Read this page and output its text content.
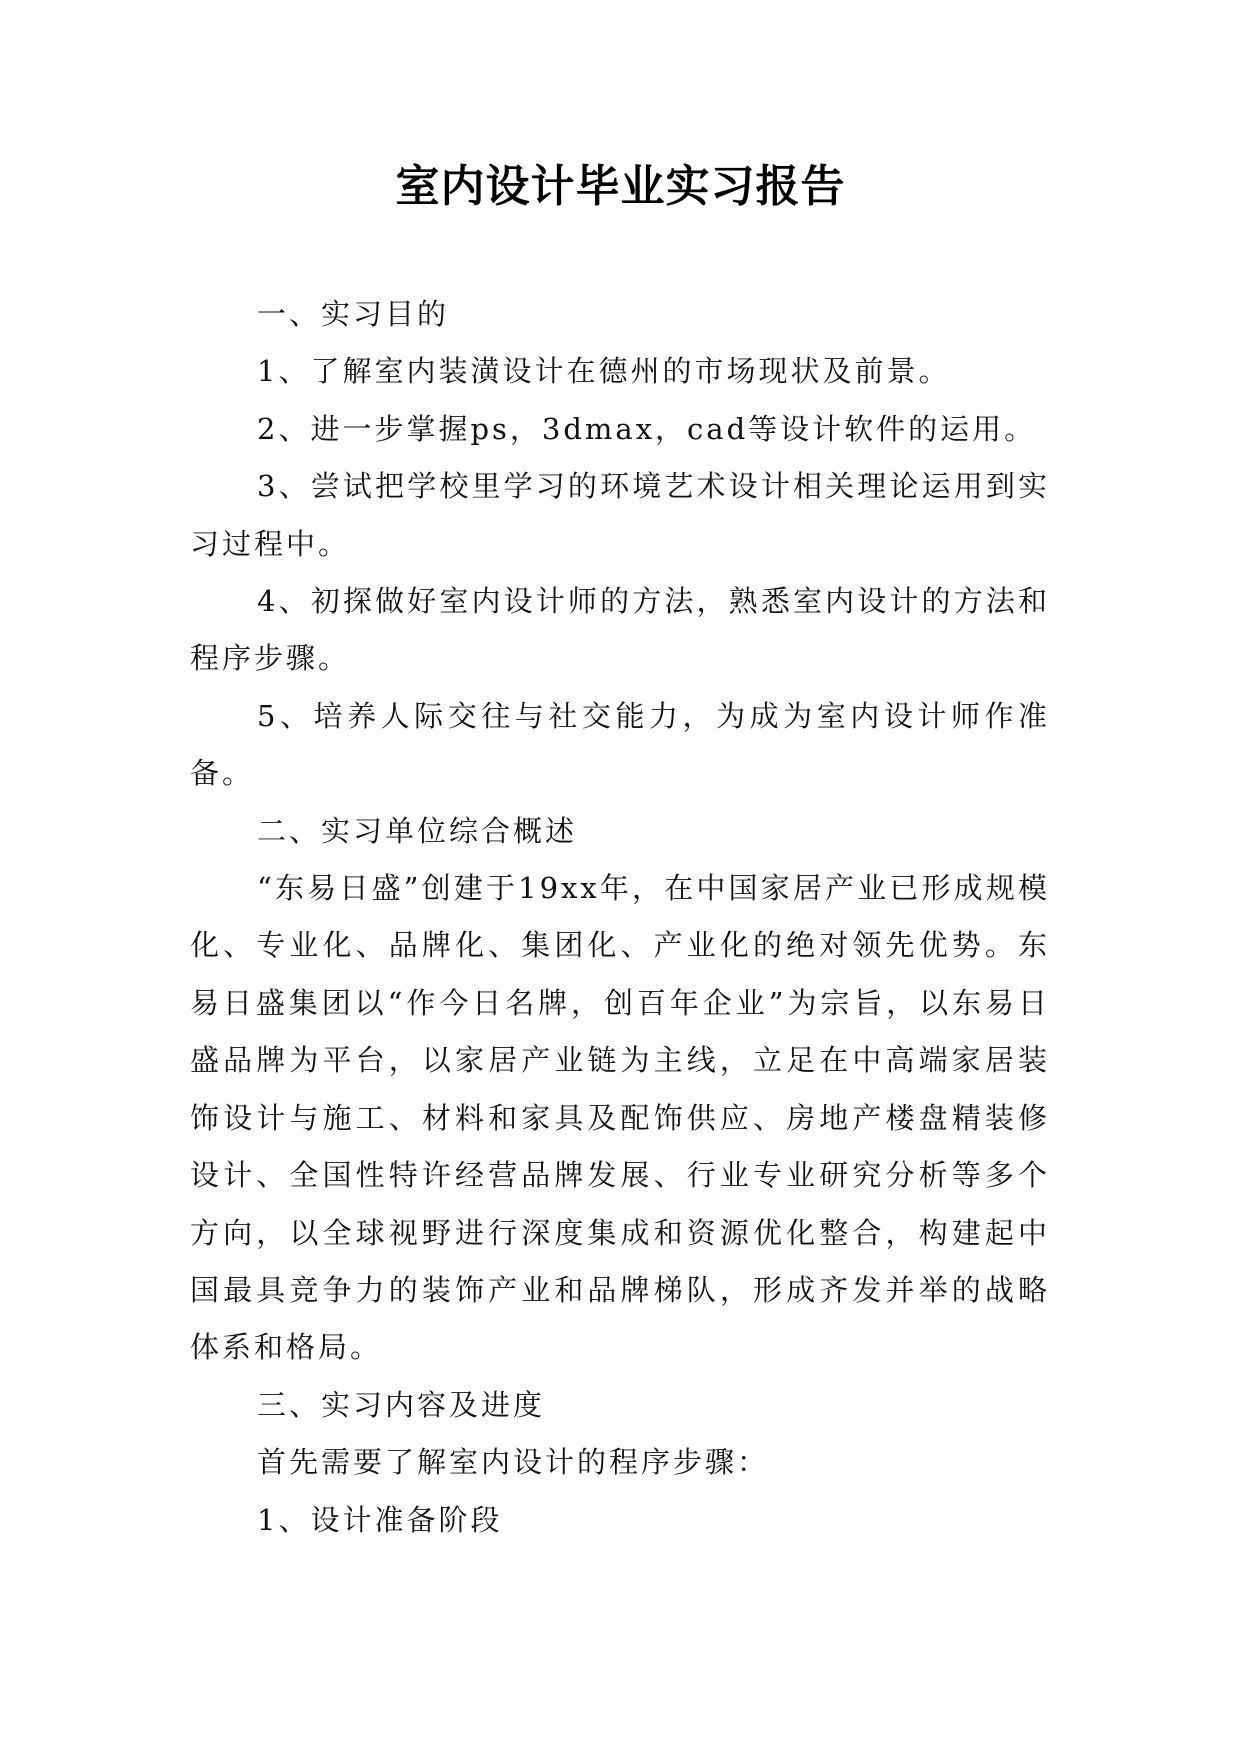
室内设计毕业实习报告

一、实习目的

1、了解室内装潢设计在德州的市场现状及前景。

2、进一步掌握ps，3dmax，cad等设计软件的运用。

3、尝试把学校里学习的环境艺术设计相关理论运用到实习过程中。

4、初探做好室内设计师的方法，熟悉室内设计的方法和程序步骤。

5、培养人际交往与社交能力，为成为室内设计师作准备。

二、实习单位综合概述

“东易日盛”创建于19xx年，在中国家居产业已形成规模化、专业化、品牌化、集团化、产业化的绝对领先优势。东易日盛集团以“作今日名牌，创百年企业”为宗旨，以东易日盛品牌为平台，以家居产业链为主线，立足在中高端家居装饰设计与施工、材料和家具及配饰供应、房地产楼盘精装修设计、全国性特许经营品牌发展、行业专业研究分析等多个方向，以全球视野进行深度集成和资源优化整合，构建起中国最具竞争力的装饰产业和品牌梯队，形成齐发并举的战略体系和格局。

三、实习内容及进度

首先需要了解室内设计的程序步骤：

1、设计准备阶段
